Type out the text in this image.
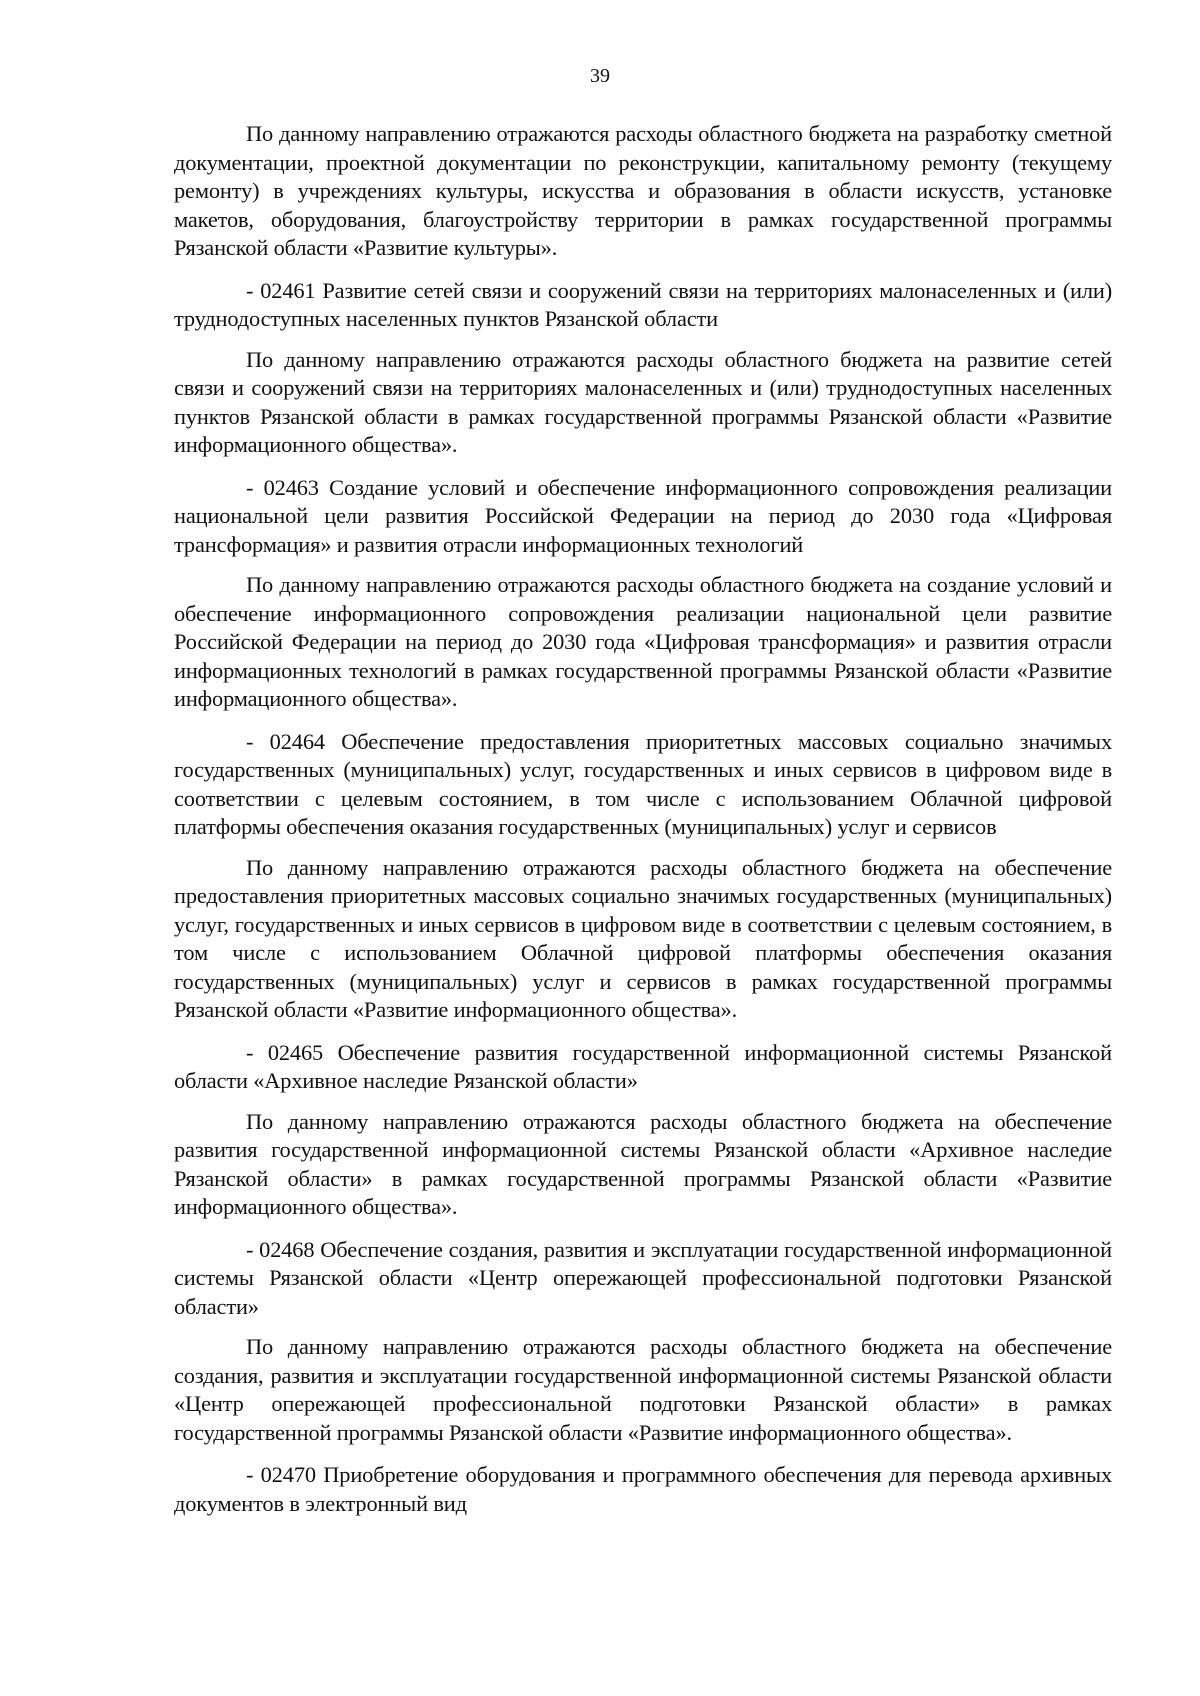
39

По данному направлению отражаются расходы областного бюджета на разработку сметной документации, проектной документации по реконструкции, капитальному ремонту (текущему ремонту) в учреждениях культуры, искусства и образования в области искусств, установке макетов, оборудования, благоустройству территории в рамках государственной программы Рязанской области «Развитие культуры».

- 02461 Развитие сетей связи и сооружений связи на территориях малонаселенных и (или) труднодоступных населенных пунктов Рязанской области

По данному направлению отражаются расходы областного бюджета на развитие сетей связи и сооружений связи на территориях малонаселенных и (или) труднодоступных населенных пунктов Рязанской области в рамках государственной программы Рязанской области «Развитие информационного общества».

- 02463 Создание условий и обеспечение информационного сопровождения реализации национальной цели развития Российской Федерации на период до 2030 года «Цифровая трансформация» и развития отрасли информационных технологий

По данному направлению отражаются расходы областного бюджета на создание условий и обеспечение информационного сопровождения реализации национальной цели развитие Российской Федерации на период до 2030 года «Цифровая трансформация» и развития отрасли информационных технологий в рамках государственной программы Рязанской области «Развитие информационного общества».

- 02464 Обеспечение предоставления приоритетных массовых социально значимых государственных (муниципальных) услуг, государственных и иных сервисов в цифровом виде в соответствии с целевым состоянием, в том числе с использованием Облачной цифровой платформы обеспечения оказания государственных (муниципальных) услуг и сервисов

По данному направлению отражаются расходы областного бюджета на обеспечение предоставления приоритетных массовых социально значимых государственных (муниципальных) услуг, государственных и иных сервисов в цифровом виде в соответствии с целевым состоянием, в том числе с использованием Облачной цифровой платформы обеспечения оказания государственных (муниципальных) услуг и сервисов в рамках государственной программы Рязанской области «Развитие информационного общества».

- 02465 Обеспечение развития государственной информационной системы Рязанской области «Архивное наследие Рязанской области»

По данному направлению отражаются расходы областного бюджета на обеспечение развития государственной информационной системы Рязанской области «Архивное наследие Рязанской области» в рамках государственной программы Рязанской области «Развитие информационного общества».

- 02468 Обеспечение создания, развития и эксплуатации государственной информационной системы Рязанской области «Центр опережающей профессиональной подготовки Рязанской области»

По данному направлению отражаются расходы областного бюджета на обеспечение создания, развития и эксплуатации государственной информационной системы Рязанской области «Центр опережающей профессиональной подготовки Рязанской области» в рамках государственной программы Рязанской области «Развитие информационного общества».

- 02470 Приобретение оборудования и программного обеспечения для перевода архивных документов в электронный вид
